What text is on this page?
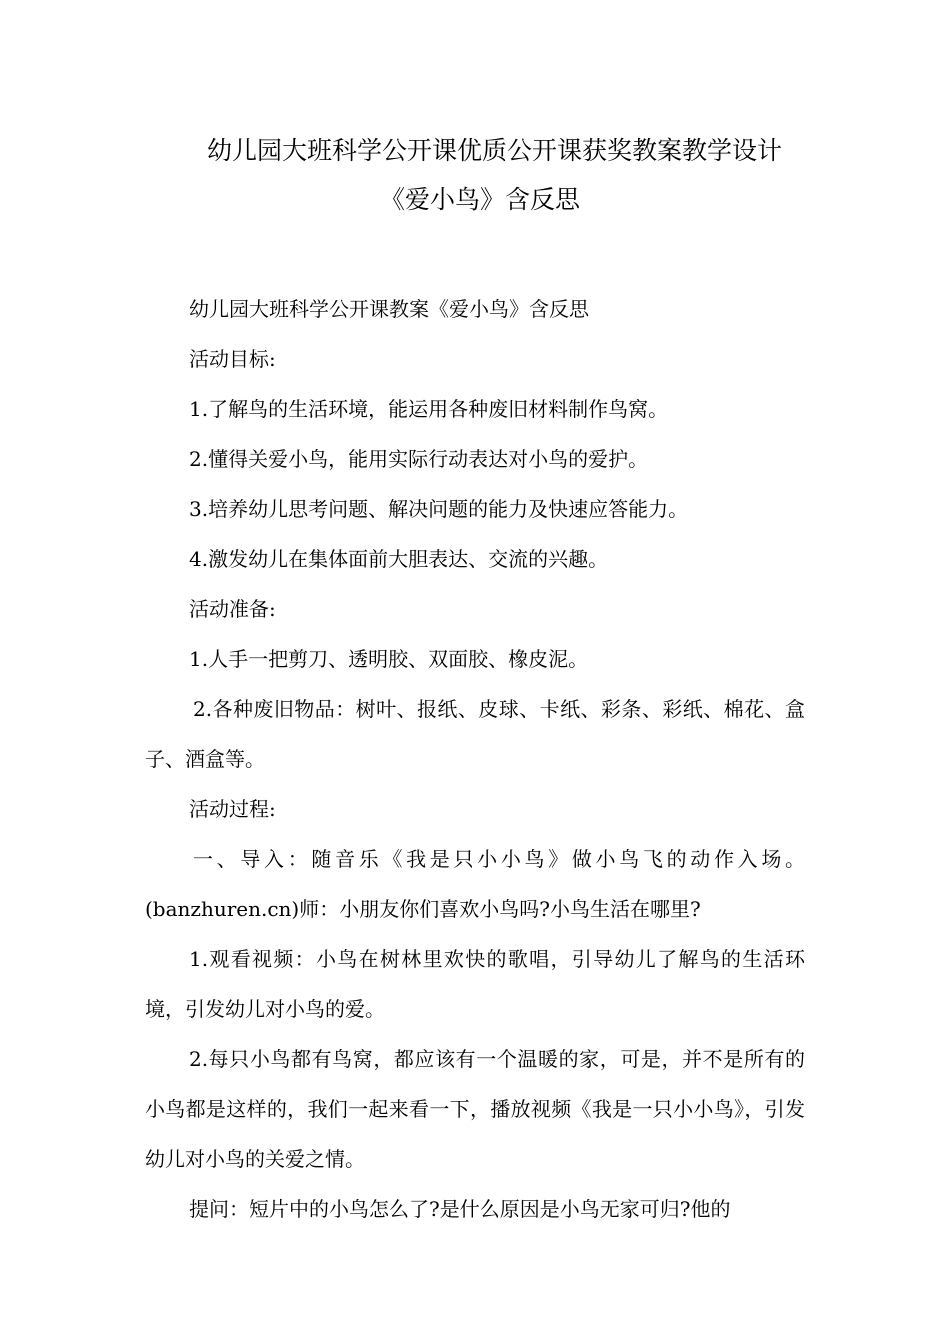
幼儿园大班科学公开课优质公开课获奖教案教学设计
《爱小鸟》含反思

幼儿园大班科学公开课教案《爱小鸟》含反思

活动目标:

1.了解鸟的生活环境，能运用各种废旧材料制作鸟窝。

2.懂得关爱小鸟，能用实际行动表达对小鸟的爱护。

3.培养幼儿思考问题、解决问题的能力及快速应答能力。

4.激发幼儿在集体面前大胆表达、交流的兴趣。

活动准备:

1.人手一把剪刀、透明胶、双面胶、橡皮泥。

2.各种废旧物品：树叶、报纸、皮球、卡纸、彩条、彩纸、棉花、盒子、酒盒等。

活动过程:

一、导入：随音乐《我是只小小鸟》做小鸟飞的动作入场。(banzhuren.cn)师：小朋友你们喜欢小鸟吗?小鸟生活在哪里?

1.观看视频：小鸟在树林里欢快的歌唱，引导幼儿了解鸟的生活环境，引发幼儿对小鸟的爱。

2.每只小鸟都有鸟窝，都应该有一个温暖的家，可是，并不是所有的小鸟都是这样的，我们一起来看一下，播放视频《我是一只小小鸟》，引发幼儿对小鸟的关爱之情。

提问：短片中的小鸟怎么了?是什么原因是小鸟无家可归?他的
